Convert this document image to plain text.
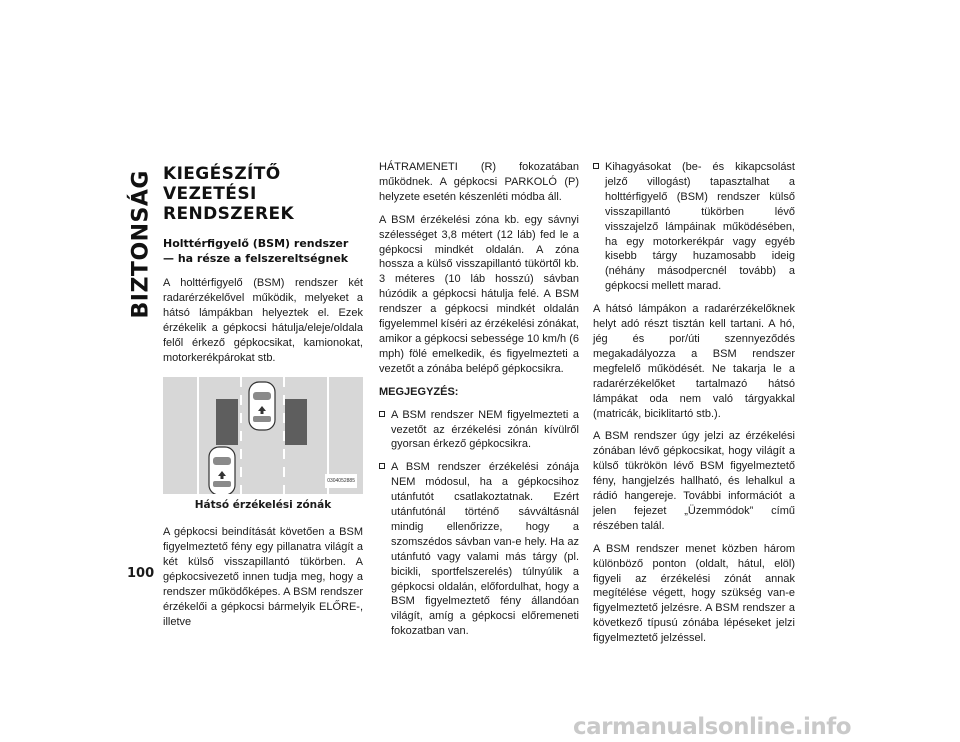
BIZTONSÁG
100
KIEGÉSZÍTŐ VEZETÉSI RENDSZEREK
Holttérfigyelő (BSM) rendszer — ha része a felszereltségnek

A holttérfigyelő (BSM) rendszer két radarérzékelővel működik, melyeket a hátsó lámpákban helyeztek el. Ezek érzékelik a gépkocsi hátulja/eleje/oldala felől érkező gépkocsikat, kamionokat, motorkerékpárokat stb.

0304052885
Hátsó érzékelési zónák

A gépkocsi beindítását követően a BSM figyelmeztető fény egy pillanatra világít a két külső visszapillantó tükörben. A gépkocsivezető innen tudja meg, hogy a rendszer működőképes. A BSM rendszer érzékelői a gépkocsi bármelyik ELŐRE-, illetve

HÁTRAMENETI (R) fokozatában működnek. A gépkocsi PARKOLÓ (P) helyzete esetén készenléti módba áll.

A BSM érzékelési zóna kb. egy sávnyi szélességet 3,8 métert (12 láb) fed le a gépkocsi mindkét oldalán. A zóna hossza a külső visszapillantó tükörtől kb. 3 méteres (10 láb hosszú) sávban húzódik a gépkocsi hátulja felé. A BSM rendszer a gépkocsi mindkét oldalán figyelemmel kíséri az érzékelési zónákat, amikor a gépkocsi sebessége 10 km/h (6 mph) fölé emelkedik, és figyelmezteti a vezetőt a zónába belépő gépkocsikra.

MEGJEGYZÉS:

A BSM rendszer NEM figyelmezteti a vezetőt az érzékelési zónán kívülről gyorsan érkező gépkocsikra.
A BSM rendszer érzékelési zónája NEM módosul, ha a gépkocsihoz utánfutót csatlakoztatnak. Ezért utánfutónál történő sávváltásnál mindig ellenőrizze, hogy a szomszédos sávban van-e hely. Ha az utánfutó vagy valami más tárgy (pl. bicikli, sportfelszerelés) túlnyúlik a gépkocsi oldalán, előfordulhat, hogy a BSM figyelmeztető fény állandóan világít, amíg a gépkocsi előremeneti fokozatban van.
Kihagyásokat (be- és kikapcsolást jelző villogást) tapasztalhat a holttérfigyelő (BSM) rendszer külső visszapillantó tükörben lévő visszajelző lámpáinak működésében, ha egy motorkerékpár vagy egyéb kisebb tárgy huzamosabb ideig (néhány másodpercnél tovább) a gépkocsi mellett marad.

A hátsó lámpákon a radarérzékelőknek helyt adó részt tisztán kell tartani. A hó, jég és por/úti szennyeződés megakadályozza a BSM rendszer megfelelő működését. Ne takarja le a radarérzékelőket tartalmazó hátsó lámpákat oda nem való tárgyakkal (matricák, biciklitartó stb.).

A BSM rendszer úgy jelzi az érzékelési zónában lévő gépkocsikat, hogy világít a külső tükrökön lévő BSM figyelmeztető fény, hangjelzés hallható, és lehalkul a rádió hangereje. További információt a jelen fejezet „Üzemmódok” című részében talál.

A BSM rendszer menet közben három különböző ponton (oldalt, hátul, elöl) figyeli az érzékelési zónát annak megítélése végett, hogy szükség van-e figyelmeztető jelzésre. A BSM rendszer a következő típusú zónába lépéseket jelzi figyelmeztető jelzéssel.

carmanualsonline.info
